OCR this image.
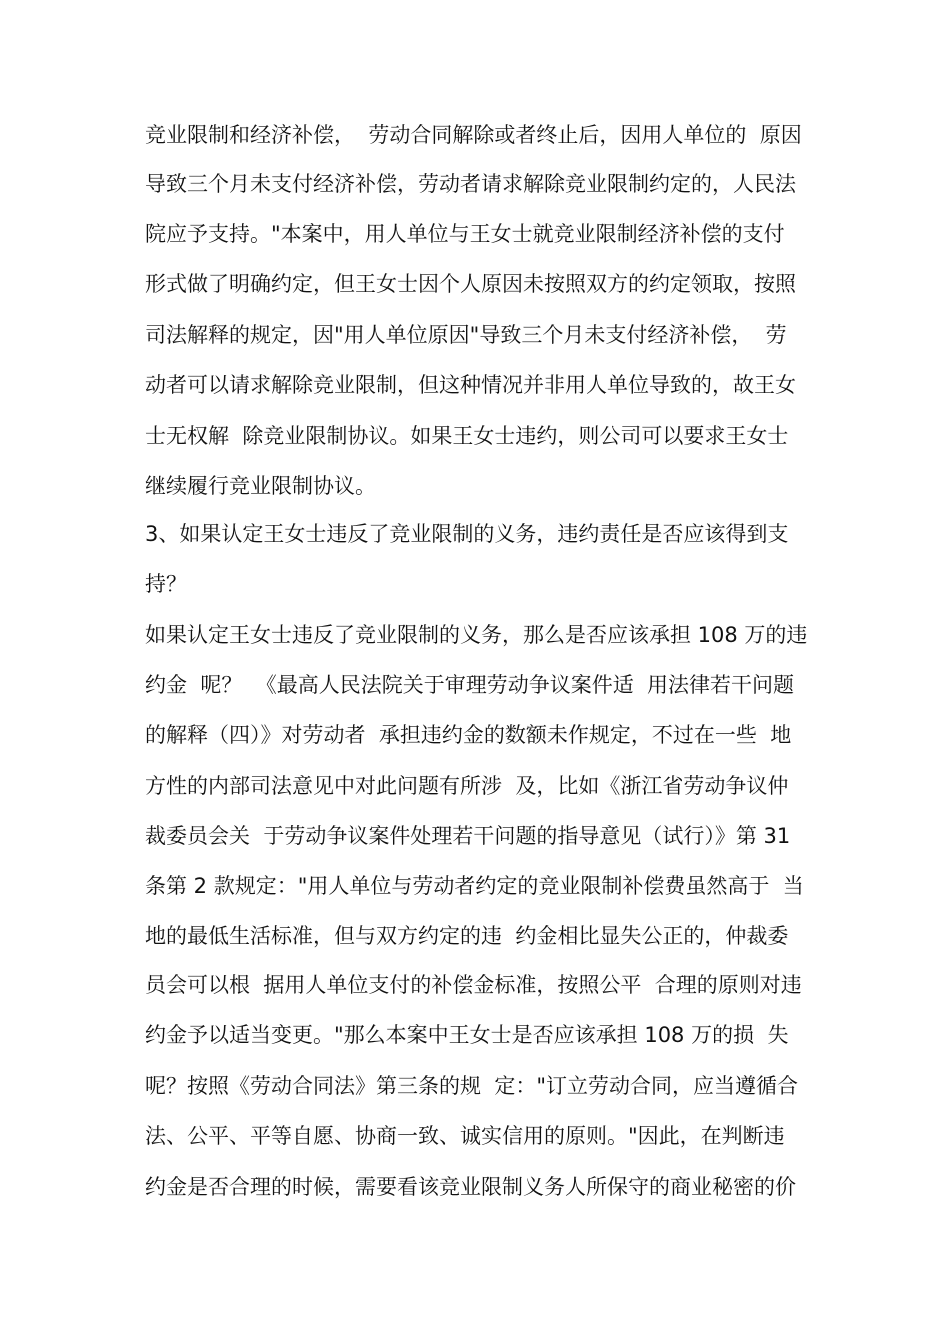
竞业限制和经济补偿，  劳动合同解除或者终止后，因用人单位的  原因
导致三个月未支付经济补偿，劳动者请求解除竞业限制约定的，人民法
院应予支持。"本案中，用人单位与王女士就竞业限制经济补偿的支付
形式做了明确约定，但王女士因个人原因未按照双方的约定领取，按照
司法解释的规定，因"用人单位原因"导致三个月未支付经济补偿，  劳
动者可以请求解除竞业限制，但这种情况并非用人单位导致的，故王女
士无权解  除竞业限制协议。如果王女士违约，则公司可以要求王女士
继续履行竞业限制协议。
3、如果认定王女士违反了竞业限制的义务，违约责任是否应该得到支
持？
如果认定王女士违反了竞业限制的义务，那么是否应该承担 108 万的违
约金  呢？  《最高人民法院关于审理劳动争议案件适  用法律若干问题
的解释（四）》对劳动者  承担违约金的数额未作规定，不过在一些  地
方性的内部司法意见中对此问题有所涉  及，比如《浙江省劳动争议仲
裁委员会关  于劳动争议案件处理若干问题的指导意见（试行）》第 31
条第 2 款规定："用人单位与劳动者约定的竞业限制补偿费虽然高于  当
地的最低生活标准，但与双方约定的违  约金相比显失公正的，仲裁委
员会可以根  据用人单位支付的补偿金标准，按照公平  合理的原则对违
约金予以适当变更。"那么本案中王女士是否应该承担 108 万的损  失
呢？按照《劳动合同法》第三条的规  定："订立劳动合同，应当遵循合
法、公平、平等自愿、协商一致、诚实信用的原则。"因此，在判断违
约金是否合理的时候，需要看该竞业限制义务人所保守的商业秘密的价
